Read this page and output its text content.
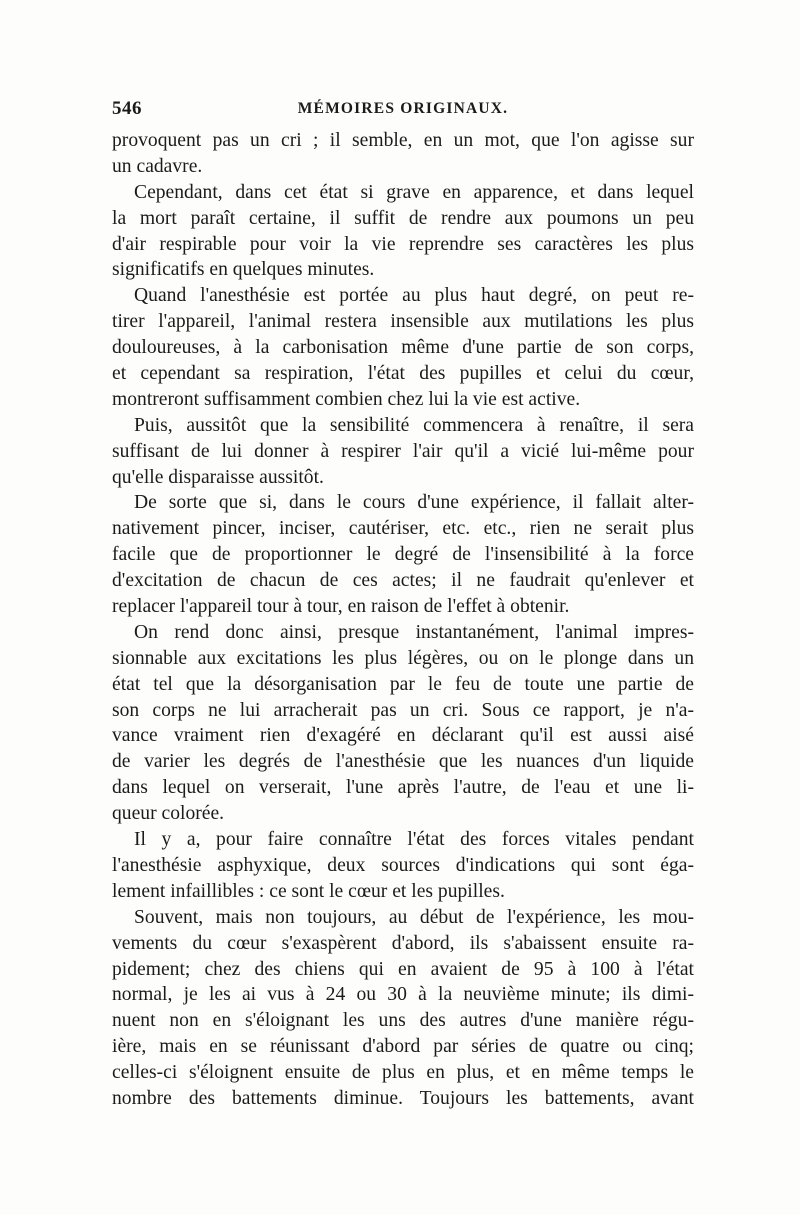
546	MÉMOIRES ORIGINAUX.
provoquent pas un cri ; il semble, en un mot, que l'on agisse sur
un cadavre.
Cependant, dans cet état si grave en apparence, et dans lequel
la mort paraît certaine, il suffit de rendre aux poumons un peu
d'air respirable pour voir la vie reprendre ses caractères les plus
significatifs en quelques minutes.
Quand l'anesthésie est portée au plus haut degré, on peut re-
tirer l'appareil, l'animal restera insensible aux mutilations les plus
douloureuses, à la carbonisation même d'une partie de son corps,
et cependant sa respiration, l'état des pupilles et celui du cœur,
montreront suffisamment combien chez lui la vie est active.
Puis, aussitôt que la sensibilité commencera à renaître, il sera
suffisant de lui donner à respirer l'air qu'il a vicié lui-même pour
qu'elle disparaisse aussitôt.
De sorte que si, dans le cours d'une expérience, il fallait alter-
nativement pincer, inciser, cautériser, etc. etc., rien ne serait plus
facile que de proportionner le degré de l'insensibilité à la force
d'excitation de chacun de ces actes; il ne faudrait qu'enlever et
replacer l'appareil tour à tour, en raison de l'effet à obtenir.
On rend donc ainsi, presque instantanément, l'animal impres-
sionnable aux excitations les plus légères, ou on le plonge dans un
état tel que la désorganisation par le feu de toute une partie de
son corps ne lui arracherait pas un cri. Sous ce rapport, je n'a-
vance vraiment rien d'exagéré en déclarant qu'il est aussi aisé
de varier les degrés de l'anesthésie que les nuances d'un liquide
dans lequel on verserait, l'une après l'autre, de l'eau et une li-
queur colorée.
Il y a, pour faire connaître l'état des forces vitales pendant
l'anesthésie asphyxique, deux sources d'indications qui sont éga-
lement infaillibles : ce sont le cœur et les pupilles.
Souvent, mais non toujours, au début de l'expérience, les mou-
vements du cœur s'exaspèrent d'abord, ils s'abaissent ensuite ra-
pidement; chez des chiens qui en avaient de 95 à 100 à l'état
normal, je les ai vus à 24 ou 30 à la neuvième minute; ils dimi-
nuent non en s'éloignant les uns des autres d'une manière régu-
ière, mais en se réunissant d'abord par séries de quatre ou cinq;
celles-ci s'éloignent ensuite de plus en plus, et en même temps le
nombre des battements diminue. Toujours les battements, avant
